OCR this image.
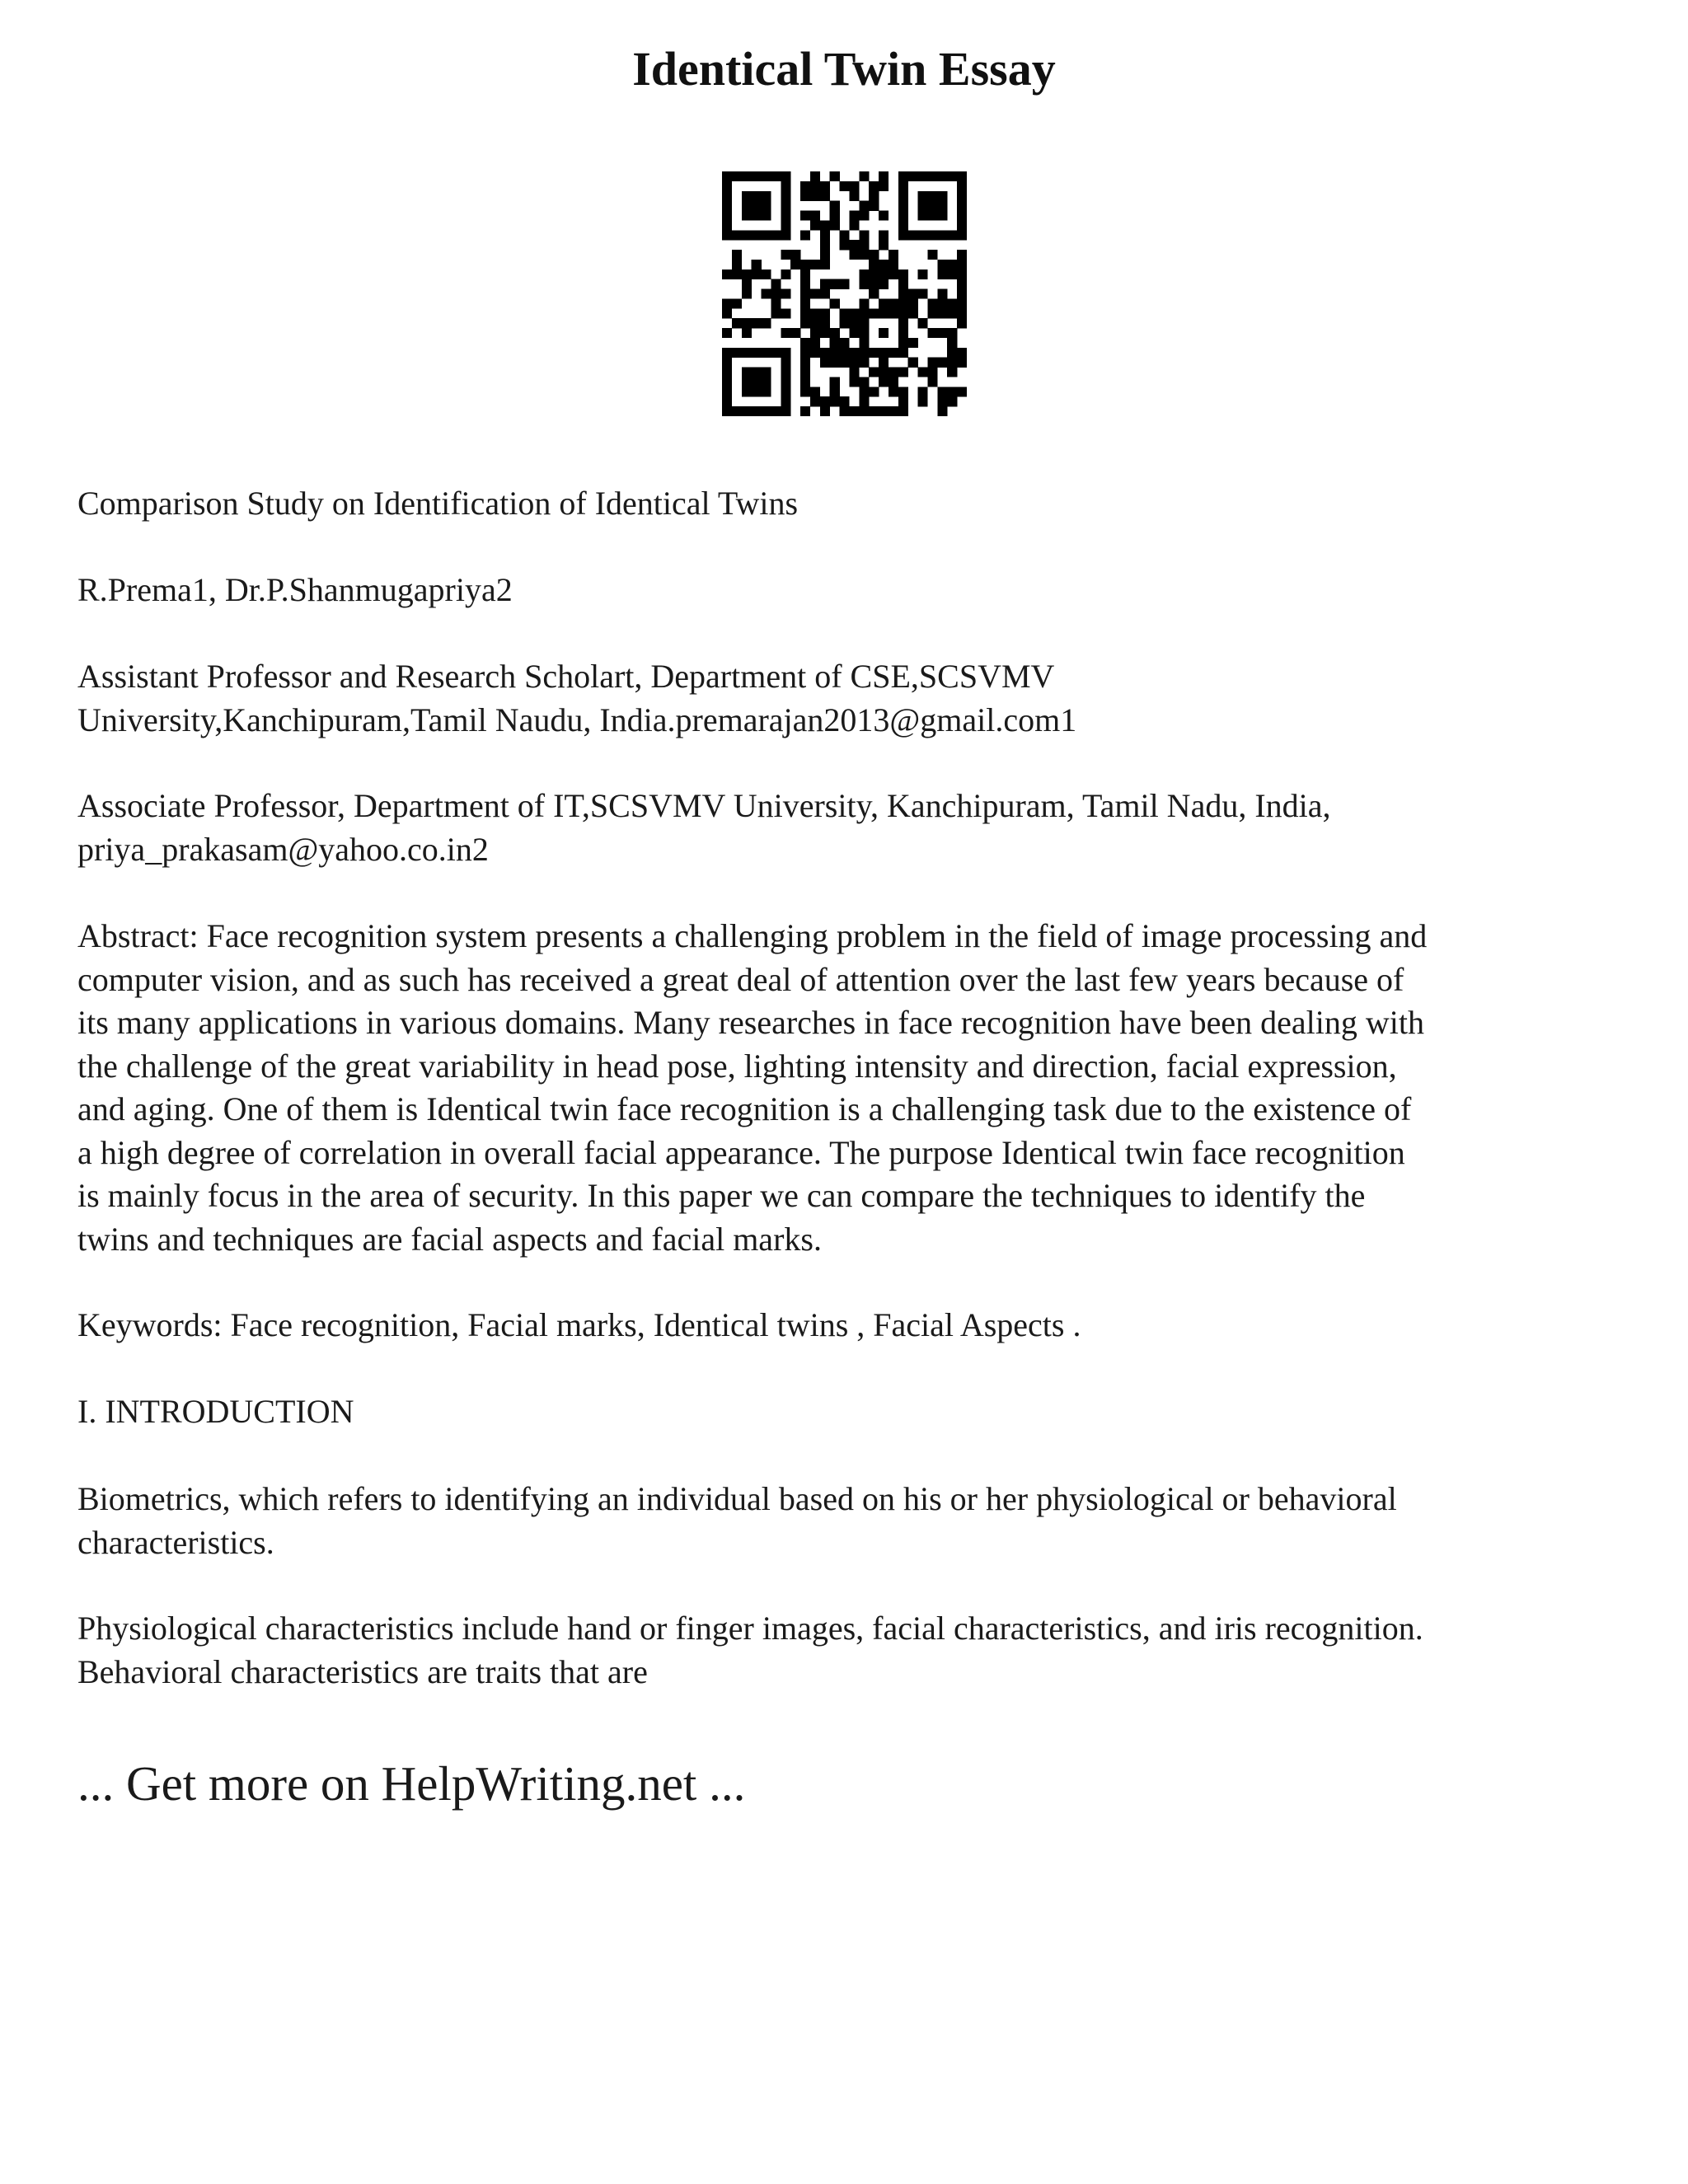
Identical Twin Essay

Comparison Study on Identification of Identical Twins

R.Prema1, Dr.P.Shanmugapriya2

Assistant Professor and Research Scholart, Department of CSE,SCSVMV

University,Kanchipuram,Tamil Naudu, India.premarajan2013@gmail.com1

Associate Professor, Department of IT,SCSVMV University, Kanchipuram, Tamil Nadu, India,

priya_prakasam@yahoo.co.in2

Abstract: Face recognition system presents a challenging problem in the field of image processing and

computer vision, and as such has received a great deal of attention over the last few years because of

its many applications in various domains. Many researches in face recognition have been dealing with

the challenge of the great variability in head pose, lighting intensity and direction, facial expression,

and aging. One of them is Identical twin face recognition is a challenging task due to the existence of

a high degree of correlation in overall facial appearance. The purpose Identical twin face recognition

is mainly focus in the area of security. In this paper we can compare the techniques to identify the

twins and techniques are facial aspects and facial marks.

Keywords: Face recognition, Facial marks, Identical twins , Facial Aspects .

I. INTRODUCTION

Biometrics, which refers to identifying an individual based on his or her physiological or behavioral

characteristics.

Physiological characteristics include hand or finger images, facial characteristics, and iris recognition.

Behavioral characteristics are traits that are

... Get more on HelpWriting.net ...
